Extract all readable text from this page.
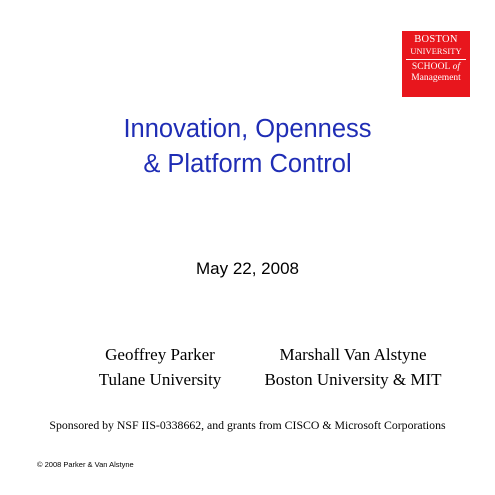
BOSTON
UNIVERSITY
SCHOOL of
Management
Innovation, Openness
& Platform Control
May 22, 2008
Geoffrey Parker
Tulane University
Marshall Van Alstyne
Boston University & MIT
Sponsored by NSF IIS-0338662, and grants from CISCO & Microsoft Corporations
© 2008 Parker & Van Alstyne
